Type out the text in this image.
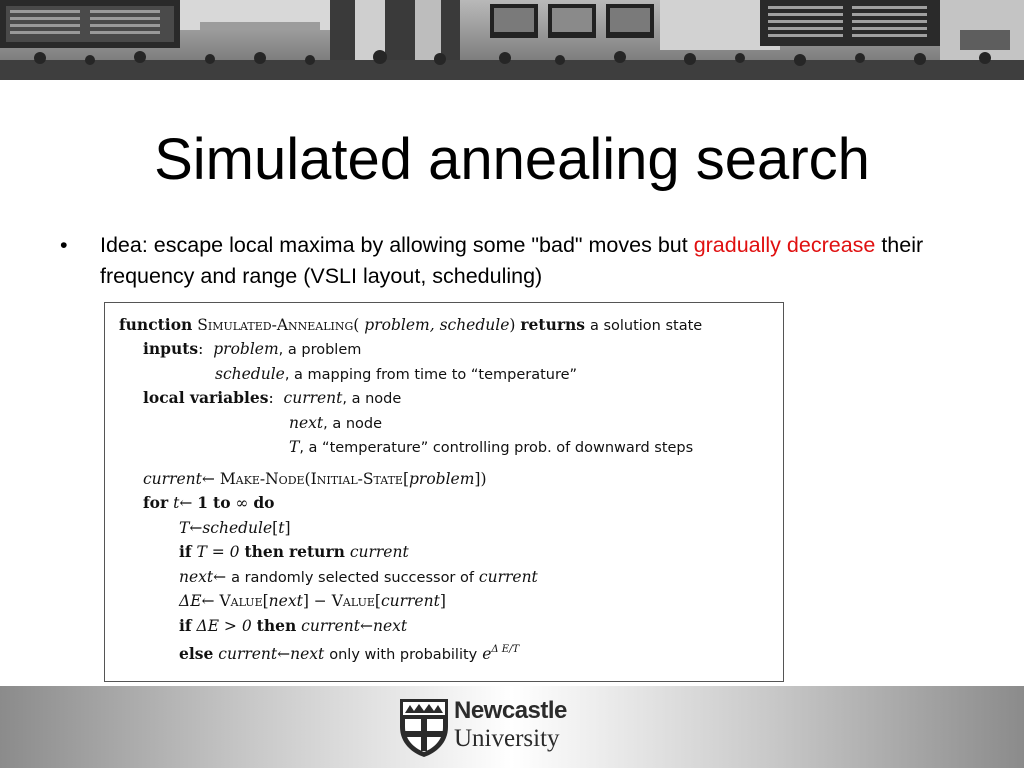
Simulated annealing search
• Idea: escape local maxima by allowing some "bad" moves but gradually decrease their frequency and range (VSLI layout, scheduling)
function Simulated-Annealing( problem, schedule) returns a solution state
inputs:  problem, a problem
schedule, a mapping from time to “temperature”
local variables:  current, a node
next, a node
T, a “temperature” controlling prob. of downward steps
current← Make-Node(Initial-State[problem])
for t← 1 to ∞ do
T←schedule[t]
if T = 0 then return current
next← a randomly selected successor of current
ΔE← Value[next] − Value[current]
if ΔE > 0 then current←next
else current←next only with probability $e^{\Delta E/T}$
Newcastle
University
